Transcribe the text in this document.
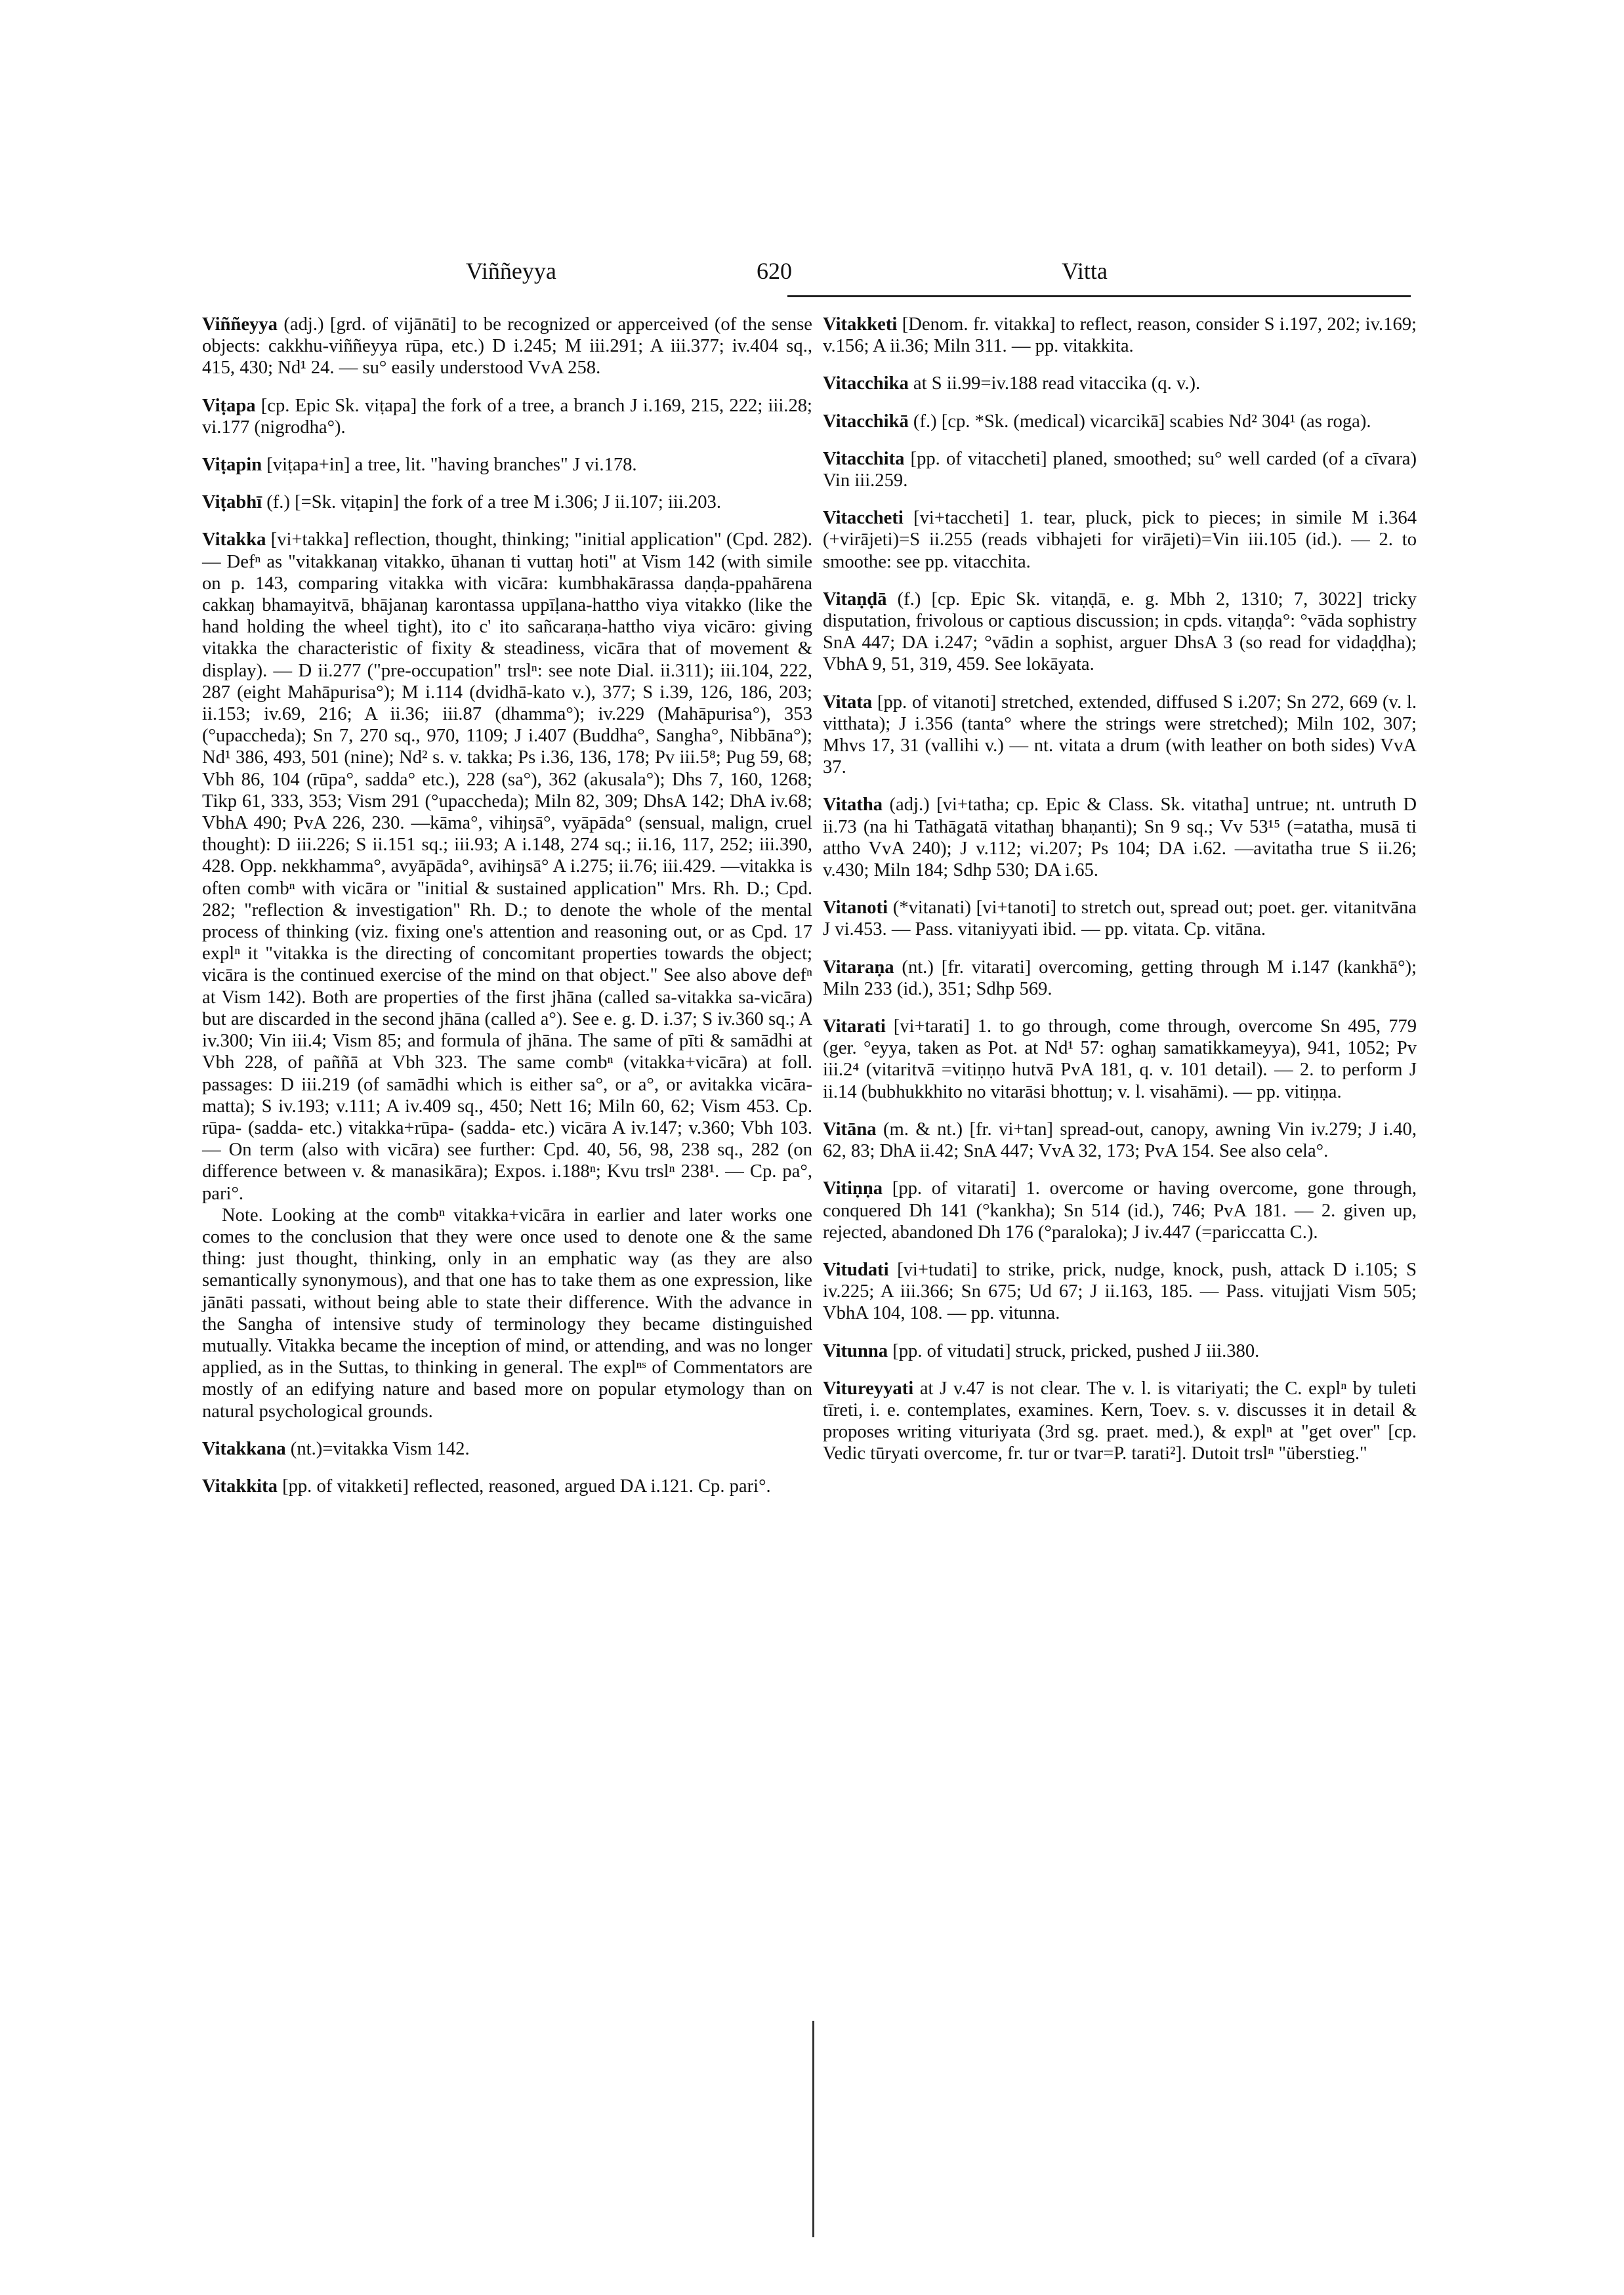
Viññeyya	620	Vitta

Viññeyya (adj.) [grd. of vijānāti] to be recognized or apperceived (of the sense objects: cakkhu-viññeyya rūpa, etc.) D i.245; M iii.291; A iii.377; iv.404 sq., 415, 430; Nd¹ 24. — su° easily understood VvA 258.

Viṭapa [cp. Epic Sk. viṭapa] the fork of a tree, a branch J i.169, 215, 222; iii.28; vi.177 (nigrodha°).

Viṭapin [viṭapa+in] a tree, lit. "having branches" J vi.178.

Viṭabhī (f.) [=Sk. viṭapin] the fork of a tree M i.306; J ii.107; iii.203.

Vitakka [vi+takka] reflection, thought, thinking; "initial application" (Cpd. 282). — Defⁿ as "vitakkanaŋ vitakko, ūhanan ti vuttaŋ hoti" at Vism 142 (with simile on p. 143, comparing vitakka with vicāra: kumbhakārassa daṇḍa-ppahārena cakkaŋ bhamayitvā, bhājanaŋ karontassa uppīḷana-hattho viya vitakko (like the hand holding the wheel tight), ito c' ito sañcaraṇa-hattho viya vicāro: giving vitakka the characteristic of fixity & steadiness, vicāra that of movement & display). — D ii.277 ("pre-occupation" trslⁿ: see note Dial. ii.311); iii.104, 222, 287 (eight Mahāpurisa°); M i.114 (dvidhā-kato v.), 377; S i.39, 126, 186, 203; ii.153; iv.69, 216; A ii.36; iii.87 (dhamma°); iv.229 (Mahāpurisa°), 353 (°upaccheda); Sn 7, 270 sq., 970, 1109; J i.407 (Buddha°, Sangha°, Nibbāna°); Nd¹ 386, 493, 501 (nine); Nd² s. v. takka; Ps i.36, 136, 178; Pv iii.5⁸; Pug 59, 68; Vbh 86, 104 (rūpa°, sadda° etc.), 228 (sa°), 362 (akusala°); Dhs 7, 160, 1268; Tikp 61, 333, 353; Vism 291 (°upaccheda); Miln 82, 309; DhsA 142; DhA iv.68; VbhA 490; PvA 226, 230. —kāma°, vihiŋsā°, vyāpāda° (sensual, malign, cruel thought): D iii.226; S ii.151 sq.; iii.93; A i.148, 274 sq.; ii.16, 117, 252; iii.390, 428. Opp. nekkhamma°, avyāpāda°, avihiŋsā° A i.275; ii.76; iii.429. —vitakka is often combⁿ with vicāra or "initial & sustained application" Mrs. Rh. D.; Cpd. 282; "reflection & investigation" Rh. D.; to denote the whole of the mental process of thinking (viz. fixing one's attention and reasoning out, or as Cpd. 17 explⁿ it "vitakka is the directing of concomitant properties towards the object; vicāra is the continued exercise of the mind on that object." See also above defⁿ at Vism 142). Both are properties of the first jhāna (called sa-vitakka sa-vicāra) but are discarded in the second jhāna (called a°). See e. g. D. i.37; S iv.360 sq.; A iv.300; Vin iii.4; Vism 85; and formula of jhāna. The same of pīti & samādhi at Vbh 228, of paññā at Vbh 323. The same combⁿ (vitakka+vicāra) at foll. passages: D iii.219 (of samādhi which is either sa°, or a°, or avitakka vicāra-matta); S iv.193; v.111; A iv.409 sq., 450; Nett 16; Miln 60, 62; Vism 453. Cp. rūpa- (sadda- etc.) vitakka+rūpa- (sadda- etc.) vicāra A iv.147; v.360; Vbh 103. — On term (also with vicāra) see further: Cpd. 40, 56, 98, 238 sq., 282 (on difference between v. & manasikāra); Expos. i.188ⁿ; Kvu trslⁿ 238¹. — Cp. pa°, pari°.

Note. Looking at the combⁿ vitakka+vicāra in earlier and later works one comes to the conclusion that they were once used to denote one & the same thing: just thought, thinking, only in an emphatic way (as they are also semantically synonymous), and that one has to take them as one expression, like jānāti passati, without being able to state their difference. With the advance in the Sangha of intensive study of terminology they became distinguished mutually. Vitakka became the inception of mind, or attending, and was no longer applied, as in the Suttas, to thinking in general. The explⁿˢ of Commentators are mostly of an edifying nature and based more on popular etymology than on natural psychological grounds.

Vitakkana (nt.)=vitakka Vism 142.

Vitakkita [pp. of vitakketi] reflected, reasoned, argued DA i.121. Cp. pari°.

Vitakketi [Denom. fr. vitakka] to reflect, reason, consider S i.197, 202; iv.169; v.156; A ii.36; Miln 311. — pp. vitakkita.

Vitacchika at S ii.99=iv.188 read vitaccika (q. v.).

Vitacchikā (f.) [cp. *Sk. (medical) vicarcikā] scabies Nd² 304¹ (as roga).

Vitacchita [pp. of vitaccheti] planed, smoothed; su° well carded (of a cīvara) Vin iii.259.

Vitaccheti [vi+taccheti] 1. tear, pluck, pick to pieces; in simile M i.364 (+virājeti)=S ii.255 (reads vibhajeti for virājeti)=Vin iii.105 (id.). — 2. to smoothe: see pp. vitacchita.

Vitaṇḍā (f.) [cp. Epic Sk. vitaṇḍā, e. g. Mbh 2, 1310; 7, 3022] tricky disputation, frivolous or captious discussion; in cpds. vitaṇḍa°: °vāda sophistry SnA 447; DA i.247; °vādin a sophist, arguer DhsA 3 (so read for vidaḍḍha); VbhA 9, 51, 319, 459. See lokāyata.

Vitata [pp. of vitanoti] stretched, extended, diffused S i.207; Sn 272, 669 (v. l. vitthata); J i.356 (tanta° where the strings were stretched); Miln 102, 307; Mhvs 17, 31 (vallihi v.) — nt. vitata a drum (with leather on both sides) VvA 37.

Vitatha (adj.) [vi+tatha; cp. Epic & Class. Sk. vitatha] untrue; nt. untruth D ii.73 (na hi Tathāgatā vitathaŋ bhaṇanti); Sn 9 sq.; Vv 53¹⁵ (=atatha, musā ti attho VvA 240); J v.112; vi.207; Ps 104; DA i.62. —avitatha true S ii.26; v.430; Miln 184; Sdhp 530; DA i.65.

Vitanoti (*vitanati) [vi+tanoti] to stretch out, spread out; poet. ger. vitanitvāna J vi.453. — Pass. vitaniyyati ibid. — pp. vitata. Cp. vitāna.

Vitaraṇa (nt.) [fr. vitarati] overcoming, getting through M i.147 (kankhā°); Miln 233 (id.), 351; Sdhp 569.

Vitarati [vi+tarati] 1. to go through, come through, overcome Sn 495, 779 (ger. °eyya, taken as Pot. at Nd¹ 57: oghaŋ samatikkameyya), 941, 1052; Pv iii.2⁴ (vitaritvā =vitiṇṇo hutvā PvA 181, q. v. 101 detail). — 2. to perform J ii.14 (bubhukkhito no vitarāsi bhottuŋ; v. l. visahāmi). — pp. vitiṇṇa.

Vitāna (m. & nt.) [fr. vi+tan] spread-out, canopy, awning Vin iv.279; J i.40, 62, 83; DhA ii.42; SnA 447; VvA 32, 173; PvA 154. See also cela°.

Vitiṇṇa [pp. of vitarati] 1. overcome or having overcome, gone through, conquered Dh 141 (°kankha); Sn 514 (id.), 746; PvA 181. — 2. given up, rejected, abandoned Dh 176 (°paraloka); J iv.447 (=pariccatta C.).

Vitudati [vi+tudati] to strike, prick, nudge, knock, push, attack D i.105; S iv.225; A iii.366; Sn 675; Ud 67; J ii.163, 185. — Pass. vitujjati Vism 505; VbhA 104, 108. — pp. vitunna.

Vitunna [pp. of vitudati] struck, pricked, pushed J iii.380.

Vitureyyati at J v.47 is not clear. The v. l. is vitariyati; the C. explⁿ by tuleti tīreti, i. e. contemplates, examines. Kern, Toev. s. v. discusses it in detail & proposes writing vituriyata (3rd sg. praet. med.), & explⁿ at "get over" [cp. Vedic tūryati overcome, fr. tur or tvar=P. tarati²]. Dutoit trslⁿ "überstieg."
